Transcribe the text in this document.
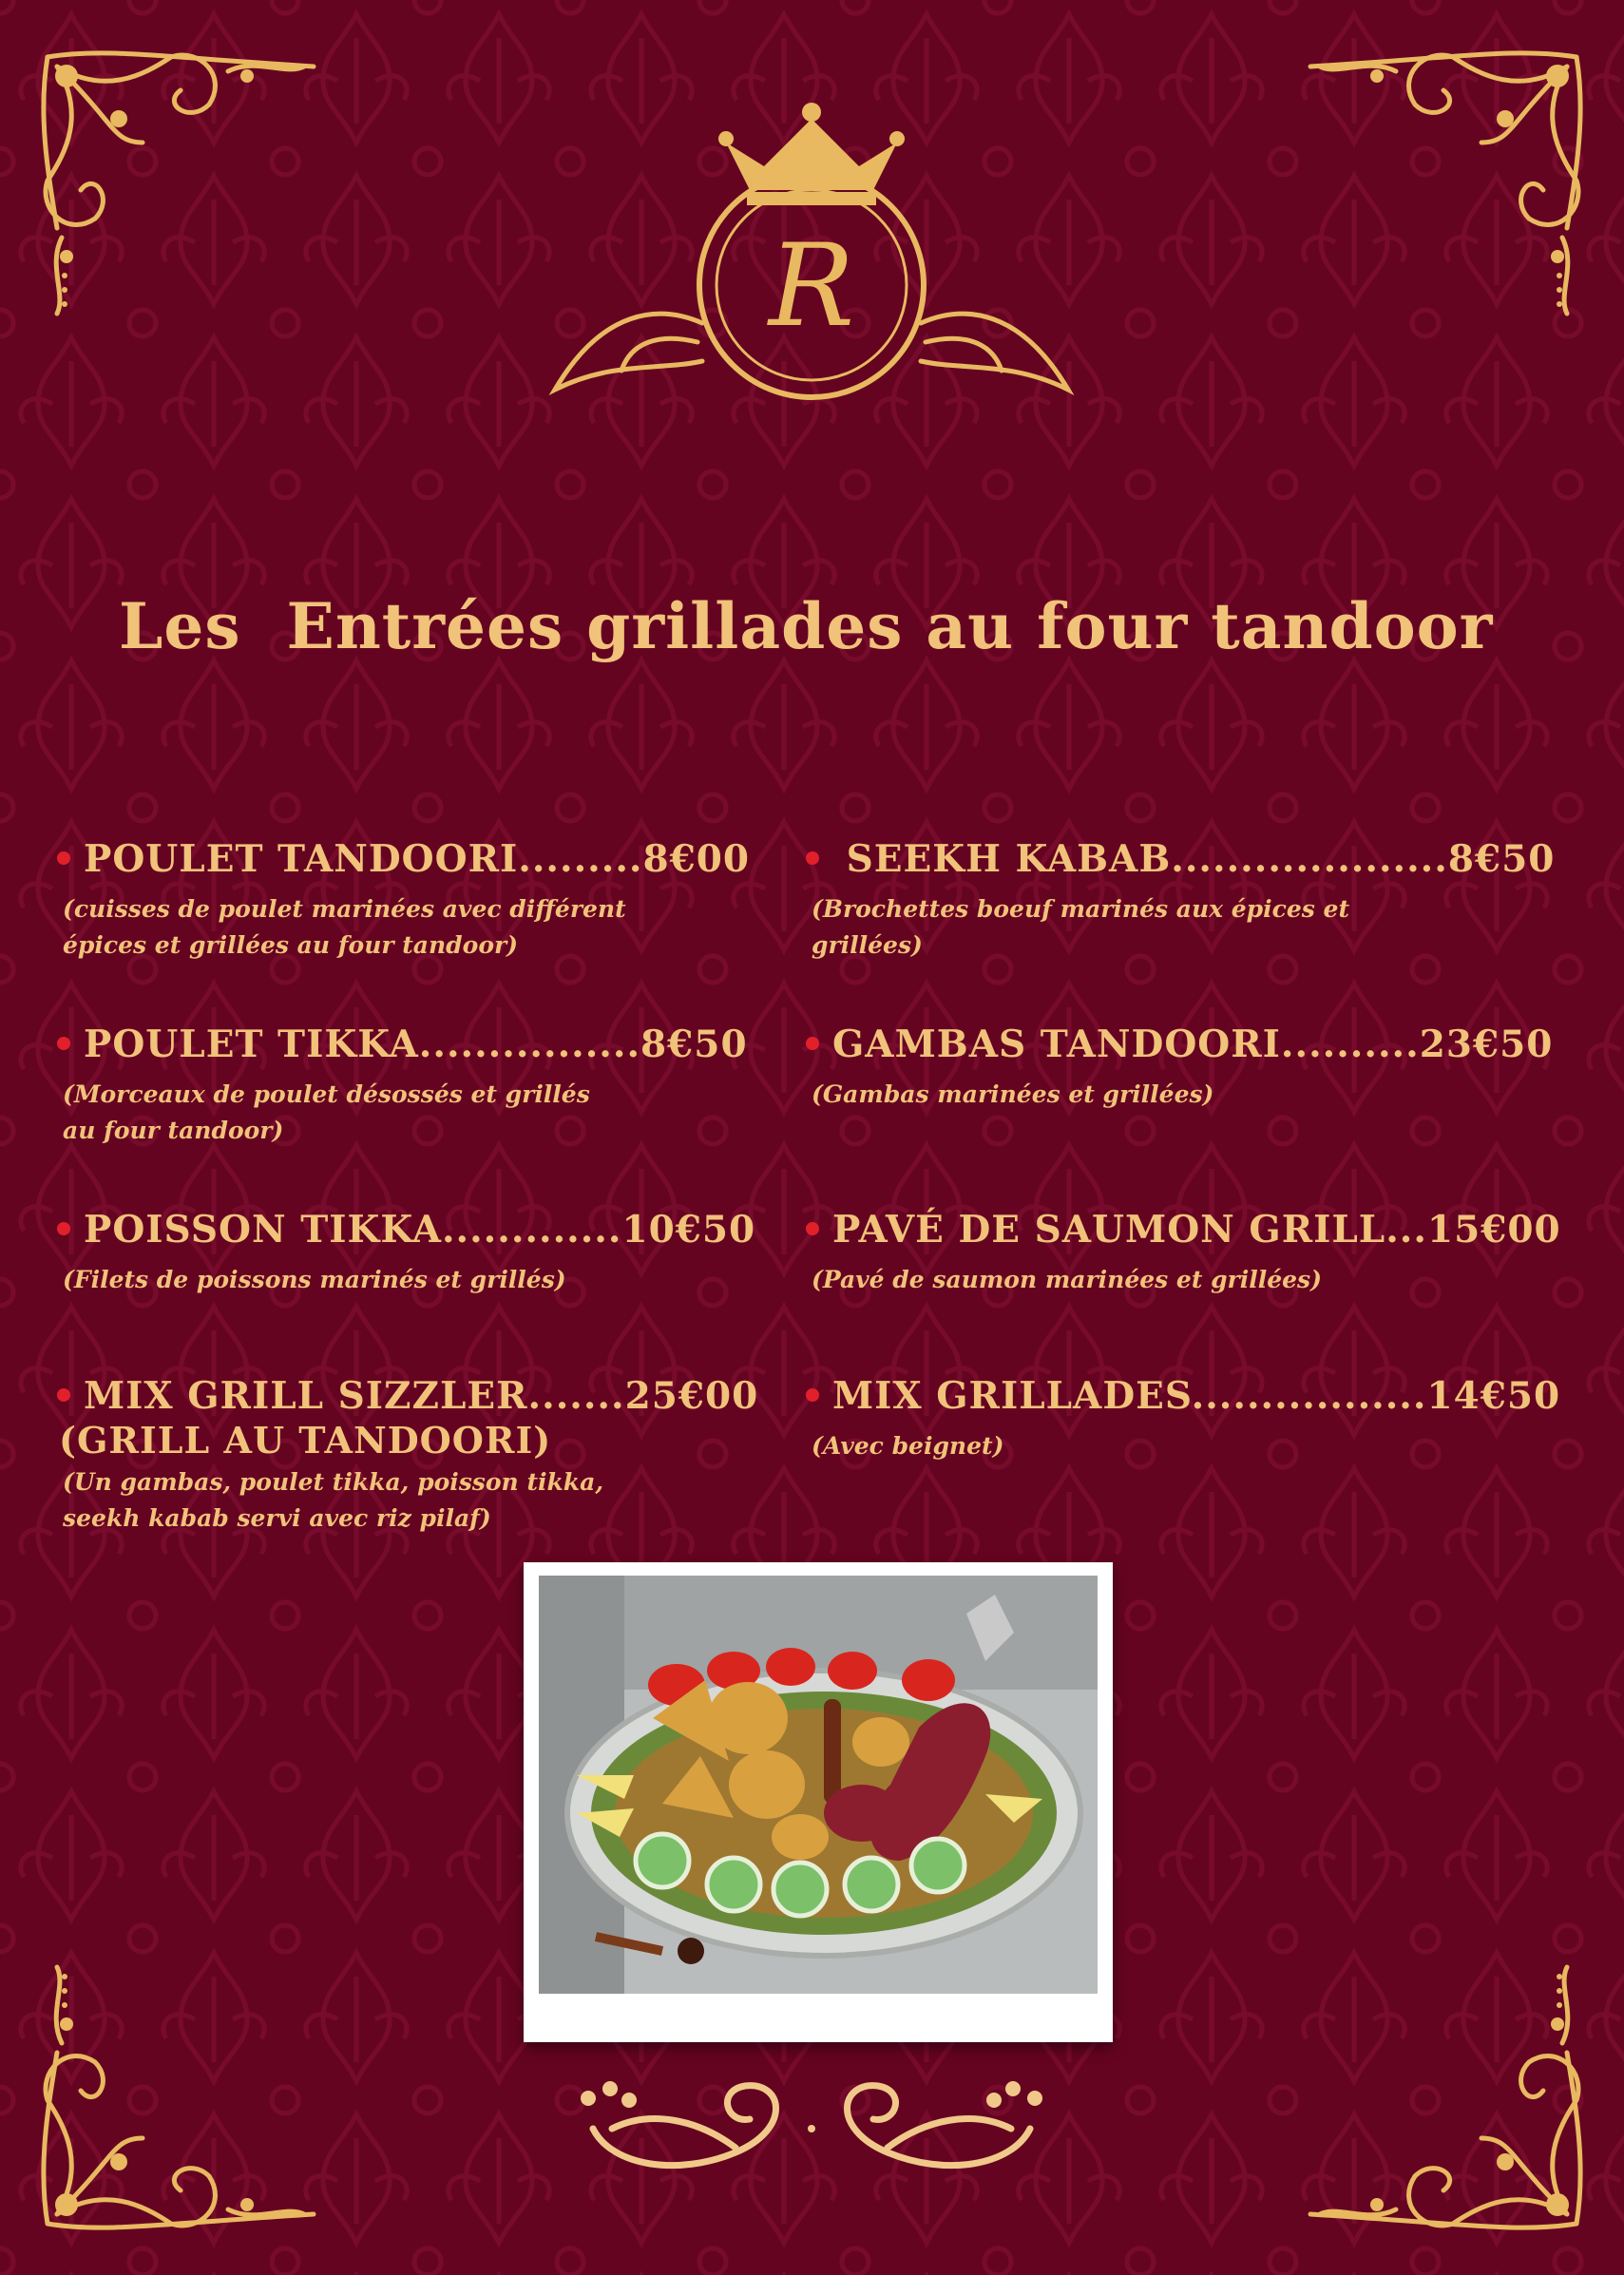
R
Les  Entrées grillades au four tandoor
POULET TANDOORI.........8€00
(cuisses de poulet marinées avec différent
épices et grillées au four tandoor)
POULET TIKKA................8€50
(Morceaux de poulet désossés et grillés
au four tandoor)
POISSON TIKKA.............10€50
(Filets de poissons marinés et grillés)
MIX GRILL SIZZLER.......25€00
(GRILL AU TANDOORI)
(Un gambas, poulet tikka, poisson tikka,
seekh kabab servi avec riz pilaf)
SEEKH KABAB....................8€50
(Brochettes boeuf marinés aux épices et
grillées)
GAMBAS TANDOORI..........23€50
(Gambas marinées et grillées)
PAVÉ DE SAUMON GRILL...15€00
(Pavé de saumon marinées et grillées)
MIX GRILLADES.................14€50
(Avec beignet)
